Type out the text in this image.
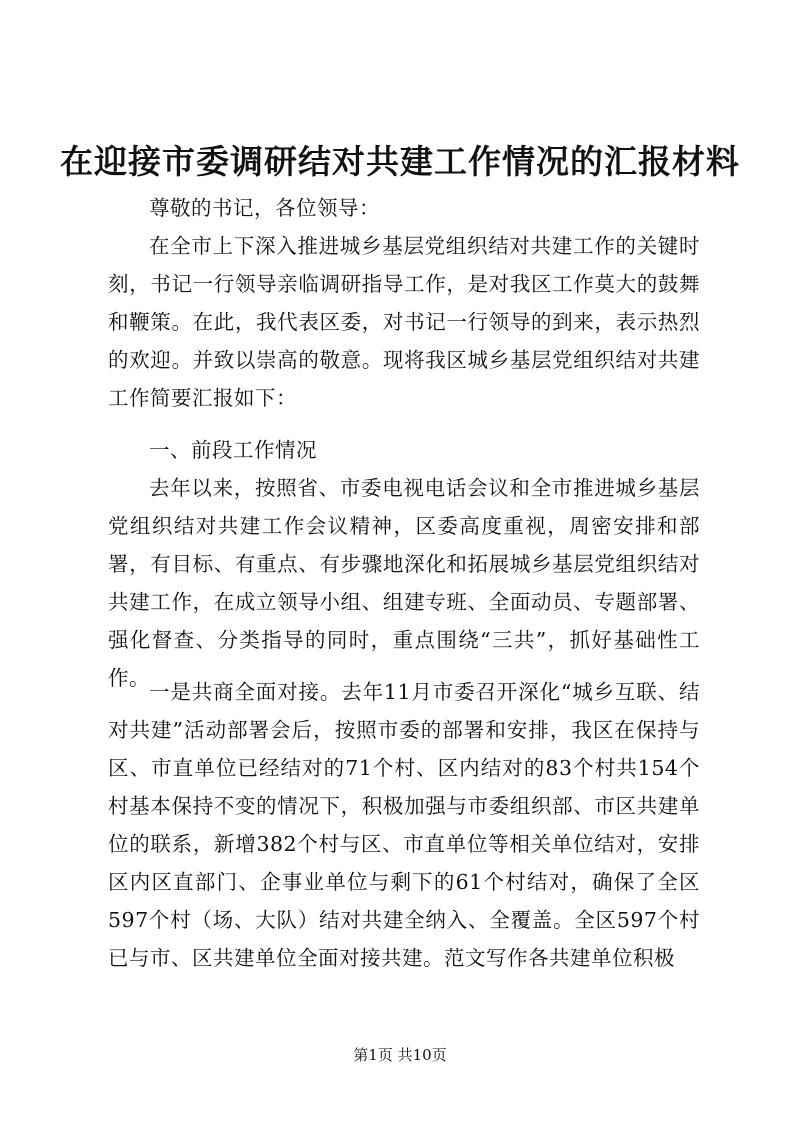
在迎接市委调研结对共建工作情况的汇报材料

尊敬的书记，各位领导：

在全市上下深入推进城乡基层党组织结对共建工作的关键时刻，书记一行领导亲临调研指导工作，是对我区工作莫大的鼓舞和鞭策。在此，我代表区委，对书记一行领导的到来，表示热烈的欢迎。并致以崇高的敬意。现将我区城乡基层党组织结对共建工作简要汇报如下：

一、前段工作情况

去年以来，按照省、市委电视电话会议和全市推进城乡基层党组织结对共建工作会议精神，区委高度重视，周密安排和部署，有目标、有重点、有步骤地深化和拓展城乡基层党组织结对共建工作，在成立领导小组、组建专班、全面动员、专题部署、强化督查、分类指导的同时，重点围绕“三共”，抓好基础性工作。

一是共商全面对接。去年11月市委召开深化“城乡互联、结对共建”活动部署会后，按照市委的部署和安排，我区在保持与区、市直单位已经结对的71个村、区内结对的83个村共154个村基本保持不变的情况下，积极加强与市委组织部、市区共建单位的联系，新增382个村与区、市直单位等相关单位结对，安排区内区直部门、企事业单位与剩下的61个村结对，确保了全区597个村（场、大队）结对共建全纳入、全覆盖。全区597个村已与市、区共建单位全面对接共建。范文写作各共建单位积极

第1页 共10页
